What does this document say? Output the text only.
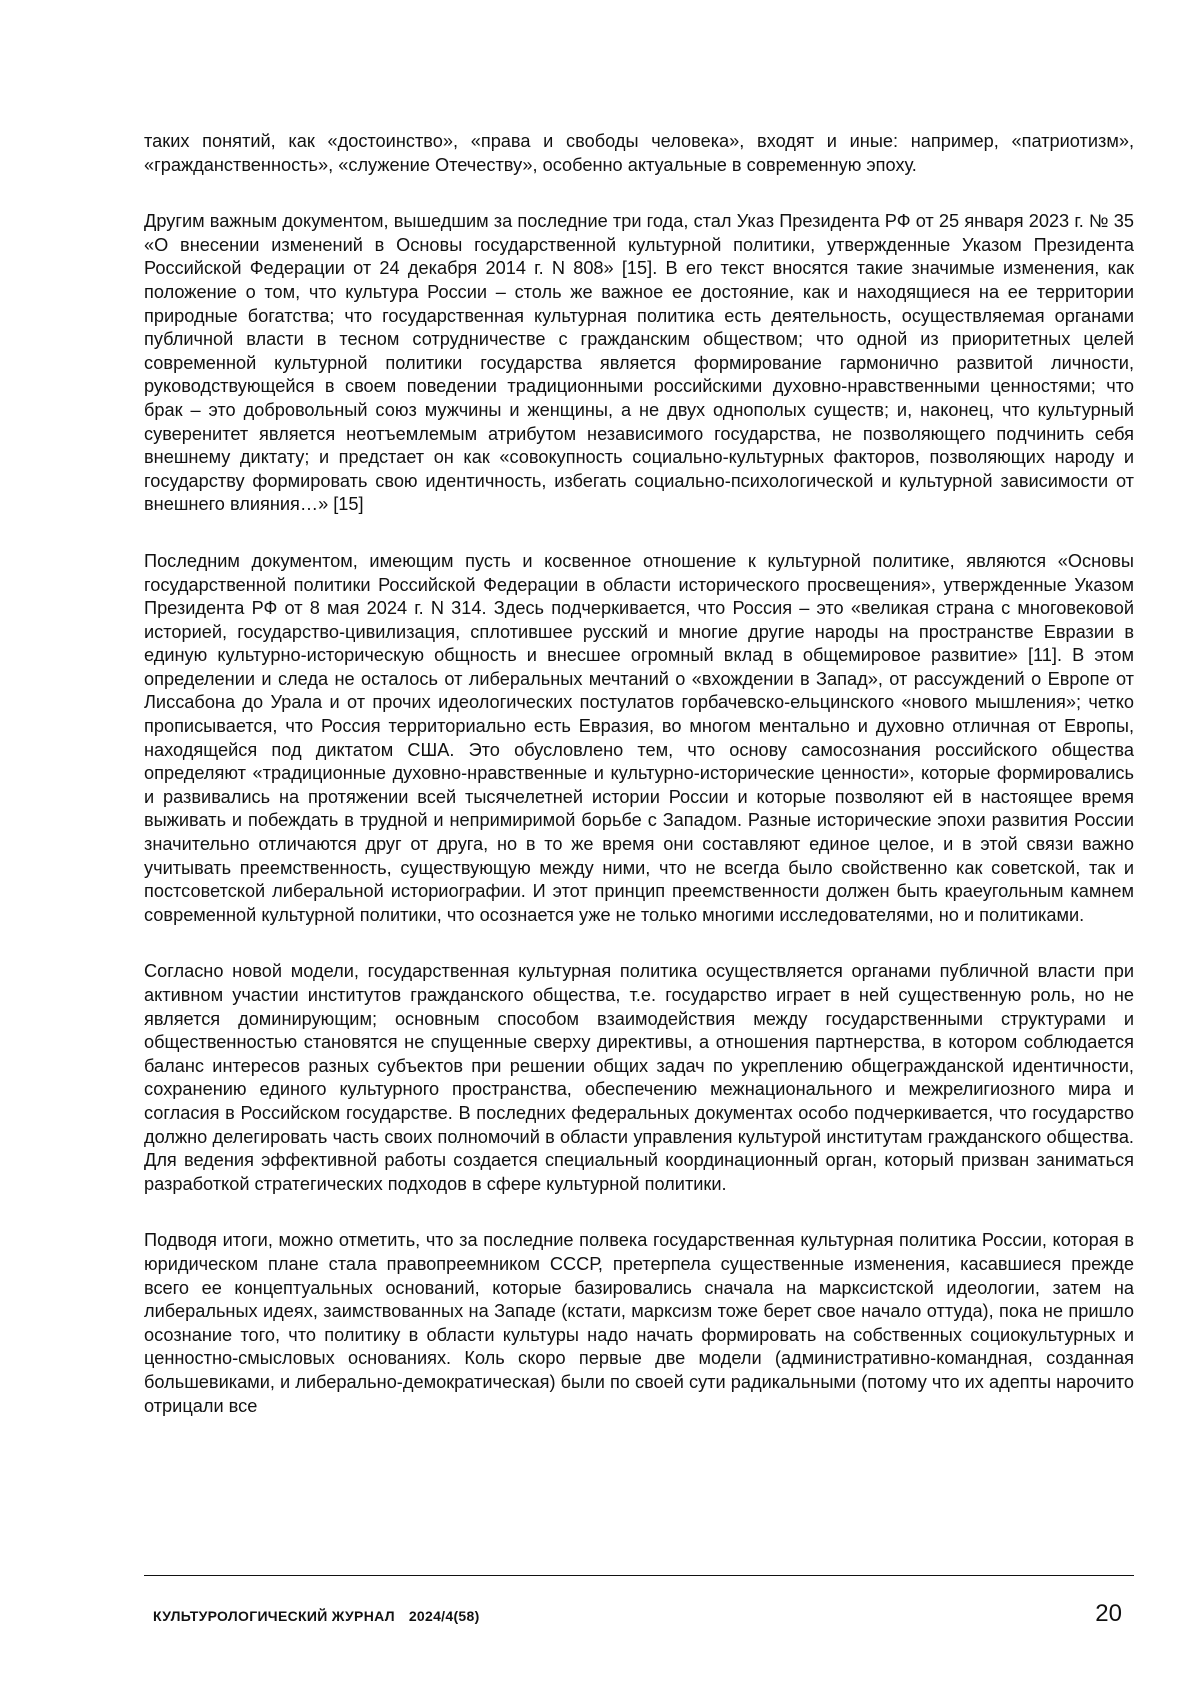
таких понятий, как «достоинство», «права и свободы человека», входят и иные: например, «патриотизм», «гражданственность», «служение Отечеству», особенно актуальные в современную эпоху.

Другим важным документом, вышедшим за последние три года, стал Указ Президента РФ от 25 января 2023 г. № 35 «О внесении изменений в Основы государственной культурной политики, утвержденные Указом Президента Российской Федерации от 24 декабря 2014 г. N 808» [15]. В его текст вносятся такие значимые изменения, как положение о том, что культура России – столь же важное ее достояние, как и находящиеся на ее территории природные богатства; что государственная культурная политика есть деятельность, осуществляемая органами публичной власти в тесном сотрудничестве с гражданским обществом; что одной из приоритетных целей современной культурной политики государства является формирование гармонично развитой личности, руководствующейся в своем поведении традиционными российскими духовно-нравственными ценностями; что брак – это добровольный союз мужчины и женщины, а не двух однополых существ; и, наконец, что культурный суверенитет является неотъемлемым атрибутом независимого государства, не позволяющего подчинить себя внешнему диктату; и предстает он как «совокупность социально-культурных факторов, позволяющих народу и государству формировать свою идентичность, избегать социально-психологической и культурной зависимости от внешнего влияния…» [15]

Последним документом, имеющим пусть и косвенное отношение к культурной политике, являются «Основы государственной политики Российской Федерации в области исторического просвещения», утвержденные Указом Президента РФ от 8 мая 2024 г. N 314. Здесь подчеркивается, что Россия – это «великая страна с многовековой историей, государство-цивилизация, сплотившее русский и многие другие народы на пространстве Евразии в единую культурно-историческую общность и внесшее огромный вклад в общемировое развитие» [11]. В этом определении и следа не осталось от либеральных мечтаний о «вхождении в Запад», от рассуждений о Европе от Лиссабона до Урала и от прочих идеологических постулатов горбачевско-ельцинского «нового мышления»; четко прописывается, что Россия территориально есть Евразия, во многом ментально и духовно отличная от Европы, находящейся под диктатом США. Это обусловлено тем, что основу самосознания российского общества определяют «традиционные духовно-нравственные и культурно-исторические ценности», которые формировались и развивались на протяжении всей тысячелетней истории России и которые позволяют ей в настоящее время выживать и побеждать в трудной и непримиримой борьбе с Западом. Разные исторические эпохи развития России значительно отличаются друг от друга, но в то же время они составляют единое целое, и в этой связи важно учитывать преемственность, существующую между ними, что не всегда было свойственно как советской, так и постсоветской либеральной историографии. И этот принцип преемственности должен быть краеугольным камнем современной культурной политики, что осознается уже не только многими исследователями, но и политиками.

Согласно новой модели, государственная культурная политика осуществляется органами публичной власти при активном участии институтов гражданского общества, т.е. государство играет в ней существенную роль, но не является доминирующим; основным способом взаимодействия между государственными структурами и общественностью становятся не спущенные сверху директивы, а отношения партнерства, в котором соблюдается баланс интересов разных субъектов при решении общих задач по укреплению общегражданской идентичности, сохранению единого культурного пространства, обеспечению межнационального и межрелигиозного мира и согласия в Российском государстве. В последних федеральных документах особо подчеркивается, что государство должно делегировать часть своих полномочий в области управления культурой институтам гражданского общества. Для ведения эффективной работы создается специальный координационный орган, который призван заниматься разработкой стратегических подходов в сфере культурной политики.

Подводя итоги, можно отметить, что за последние полвека государственная культурная политика России, которая в юридическом плане стала правопреемником СССР, претерпела существенные изменения, касавшиеся прежде всего ее концептуальных оснований, которые базировались сначала на марксистской идеологии, затем на либеральных идеях, заимствованных на Западе (кстати, марксизм тоже берет свое начало оттуда), пока не пришло осознание того, что политику в области культуры надо начать формировать на собственных социокультурных и ценностно-смысловых основаниях. Коль скоро первые две модели (административно-командная, созданная большевиками, и либерально-демократическая) были по своей сути радикальными (потому что их адепты нарочито отрицали все

КУЛЬТУРОЛОГИЧЕСКИЙ ЖУРНАЛ 2024/4(58)	20
